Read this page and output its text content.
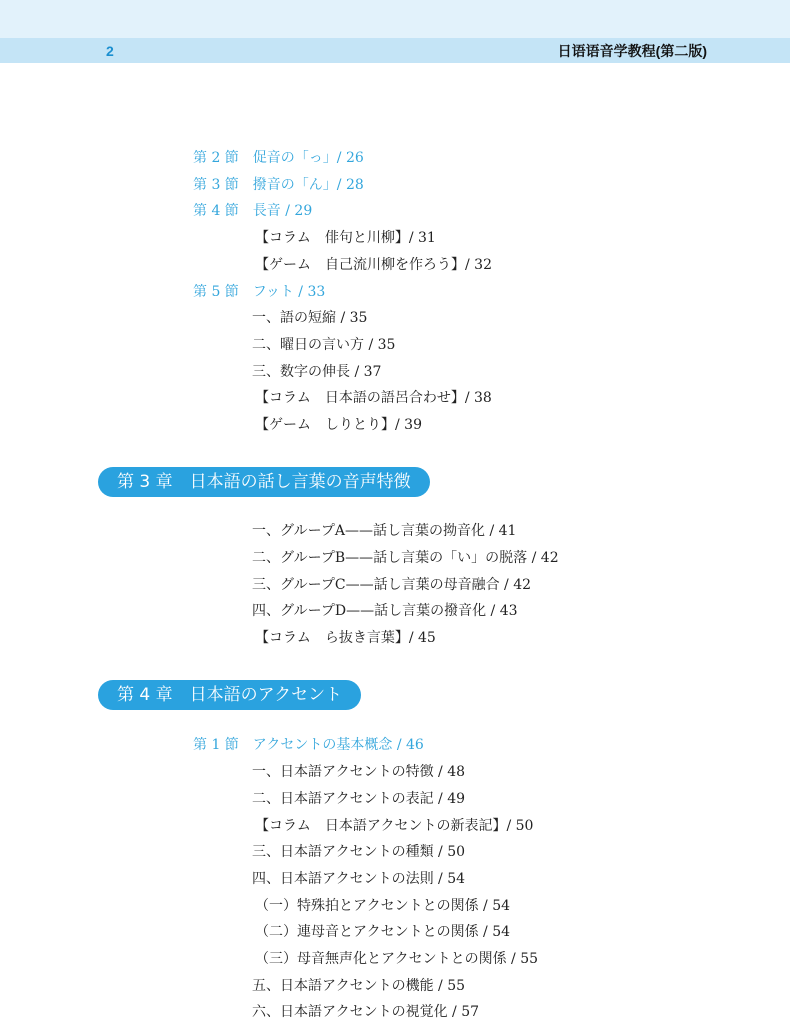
2	日语语音学教程(第二版)
第 2 節　促音の「っ」/ 26
第 3 節　撥音の「ん」/ 28
第 4 節　長音 / 29
【コラム　俳句と川柳】/ 31
【ゲーム　自己流川柳を作ろう】/ 32
第 5 節　フット / 33
一、語の短縮 / 35
二、曜日の言い方 / 35
三、数字の伸長 / 37
【コラム　日本語の語呂合わせ】/ 38
【ゲーム　しりとり】/ 39
第 3 章　日本語の話し言葉の音声特徴
一、グループA——話し言葉の拗音化 / 41
二、グループB——話し言葉の「い」の脱落 / 42
三、グループC——話し言葉の母音融合 / 42
四、グループD——話し言葉の撥音化 / 43
【コラム　ら抜き言葉】/ 45
第 4 章　日本語のアクセント
第 1 節　アクセントの基本概念 / 46
一、日本語アクセントの特徴 / 48
二、日本語アクセントの表記 / 49
【コラム　日本語アクセントの新表記】/ 50
三、日本語アクセントの種類 / 50
四、日本語アクセントの法則 / 54
（一）特殊拍とアクセントとの関係 / 54
（二）連母音とアクセントとの関係 / 54
（三）母音無声化とアクセントとの関係 / 55
五、日本語アクセントの機能 / 55
六、日本語アクセントの視覚化 / 57
